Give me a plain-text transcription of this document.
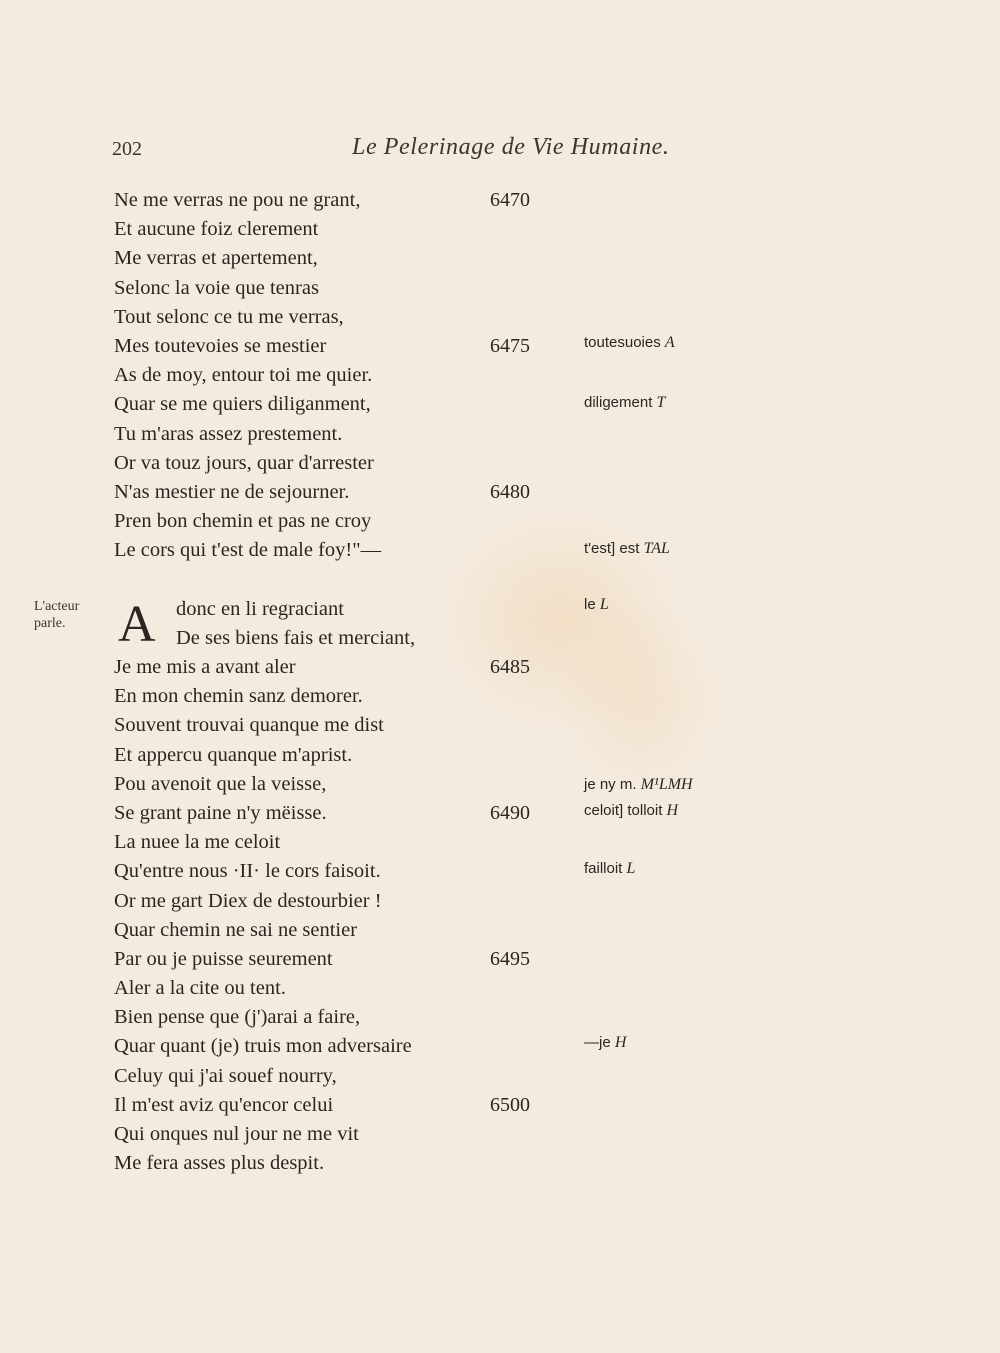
202	Le Pelerinage de Vie Humaine.
L'acteur
parle.
Ne me verras ne pou ne grant,	6470
Et aucune foiz clerement
Me verras et apertement,
Selonc la voie que tenras
Tout selonc ce tu me verras,
Mes toutevoies se mestier	6475
As de moy, entour toi me quier.
Quar se me quiers diliganment,
Tu m'aras assez prestement.
Or va touz jours, quar d'arrester
N'as mestier ne de sejourner.	6480
Pren bon chemin et pas ne croy
Le cors qui t'est de male foy!"—
A donc en li regraciant
De ses biens fais et merciant,
Je me mis a avant aler	6485
En mon chemin sanz demorer.
Souvent trouvai quanque me dist
Et appercu quanque m'aprist.
Pou avenoit que la veisse,
Se grant paine n'y mëisse.	6490
La nuee la me celoit
Qu'entre nous ·II· le cors faisoit.
Or me gart Diex de destourbier !
Quar chemin ne sai ne sentier
Par ou je puisse seurement	6495
Aler a la cite ou tent.
Bien pense que (j')arai a faire,
Quar quant (je) truis mon adversaire
Celuy qui j'ai souef nourry,
Il m'est aviz qu'encor celui	6500
Qui onques nul jour ne me vit
Me fera asses plus despit.
toutesuoies A
diligement T
t'est] est TAL
le L
je ny m. M¹LMH
celoit] tolloit H
failloit L
—je H
